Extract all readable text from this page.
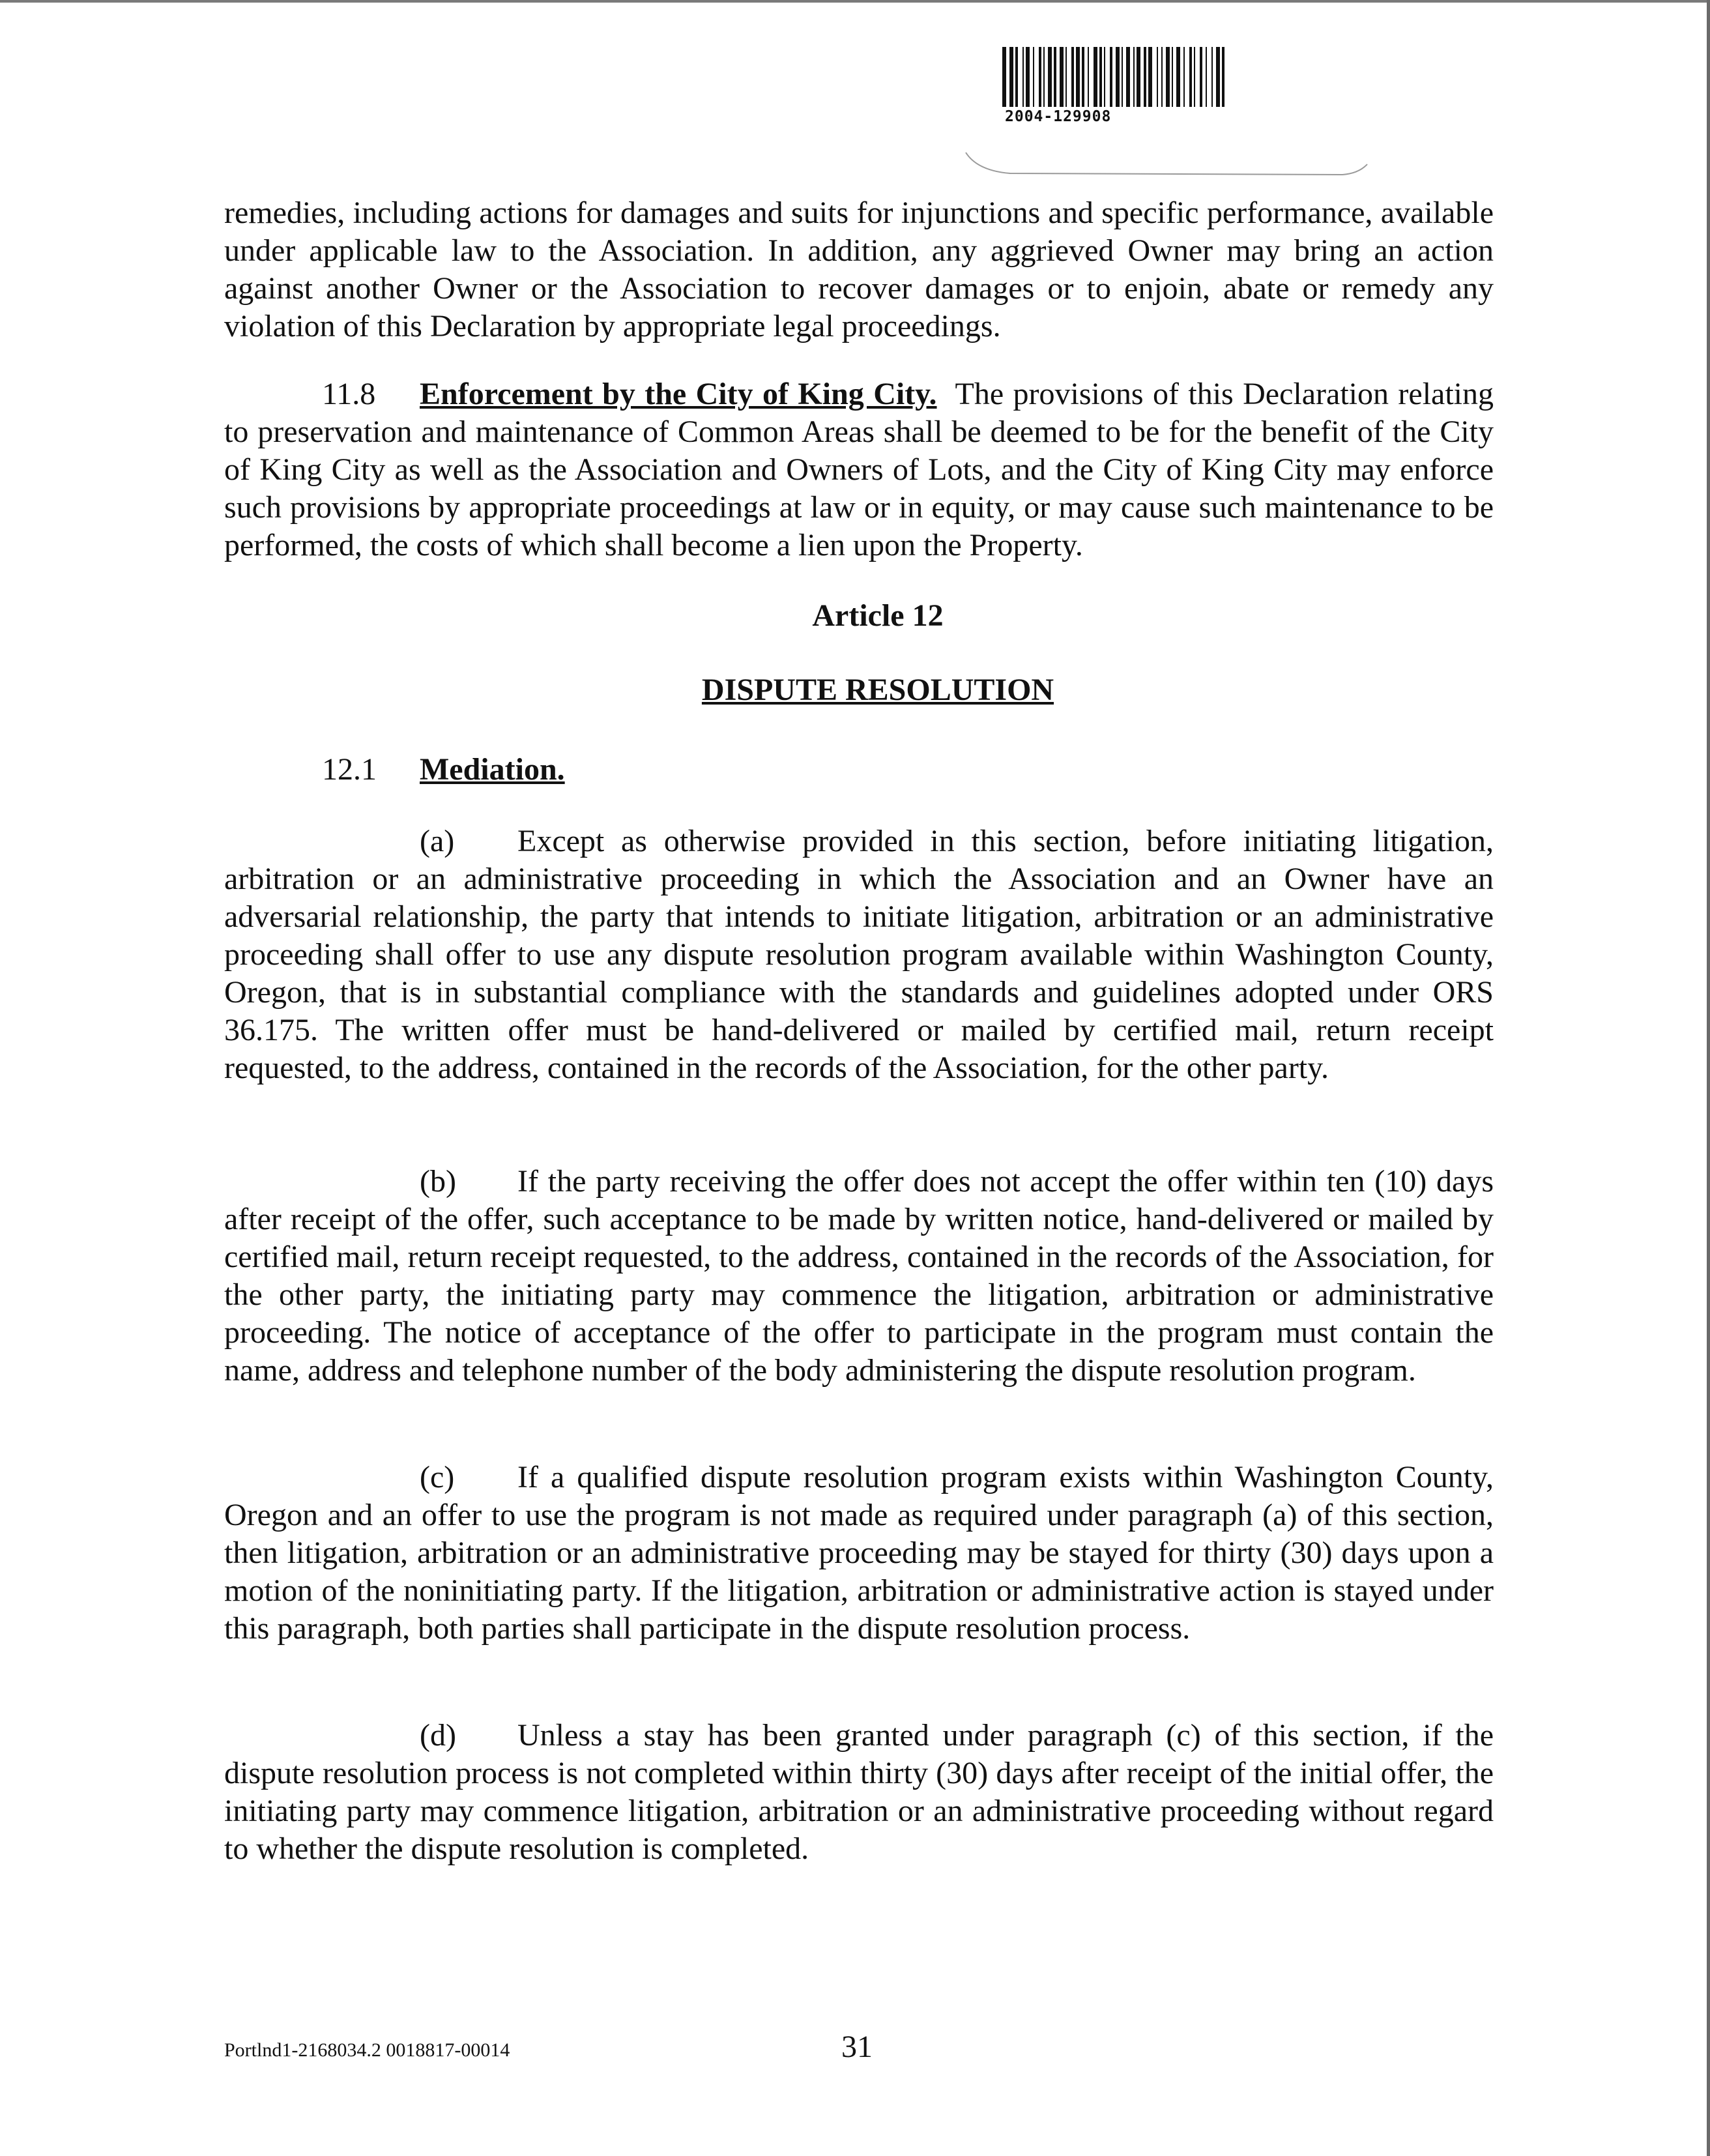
2004-129908
remedies, including actions for damages and suits for injunctions and specific performance, available under applicable law to the Association. In addition, any aggrieved Owner may bring an action against another Owner or the Association to recover damages or to enjoin, abate or remedy any violation of this Declaration by appropriate legal proceedings.
11.8 Enforcement by the City of King City. The provisions of this Declaration relating to preservation and maintenance of Common Areas shall be deemed to be for the benefit of the City of King City as well as the Association and Owners of Lots, and the City of King City may enforce such provisions by appropriate proceedings at law or in equity, or may cause such maintenance to be performed, the costs of which shall become a lien upon the Property.
Article 12
DISPUTE RESOLUTION
12.1 Mediation.
(a) Except as otherwise provided in this section, before initiating litigation, arbitration or an administrative proceeding in which the Association and an Owner have an adversarial relationship, the party that intends to initiate litigation, arbitration or an administrative proceeding shall offer to use any dispute resolution program available within Washington County, Oregon, that is in substantial compliance with the standards and guidelines adopted under ORS 36.175. The written offer must be hand-delivered or mailed by certified mail, return receipt requested, to the address, contained in the records of the Association, for the other party.
(b) If the party receiving the offer does not accept the offer within ten (10) days after receipt of the offer, such acceptance to be made by written notice, hand-delivered or mailed by certified mail, return receipt requested, to the address, contained in the records of the Association, for the other party, the initiating party may commence the litigation, arbitration or administrative proceeding. The notice of acceptance of the offer to participate in the program must contain the name, address and telephone number of the body administering the dispute resolution program.
(c) If a qualified dispute resolution program exists within Washington County, Oregon and an offer to use the program is not made as required under paragraph (a) of this section, then litigation, arbitration or an administrative proceeding may be stayed for thirty (30) days upon a motion of the noninitiating party. If the litigation, arbitration or administrative action is stayed under this paragraph, both parties shall participate in the dispute resolution process.
(d) Unless a stay has been granted under paragraph (c) of this section, if the dispute resolution process is not completed within thirty (30) days after receipt of the initial offer, the initiating party may commence litigation, arbitration or an administrative proceeding without regard to whether the dispute resolution is completed.
Portlnd1-2168034.2 0018817-00014	31
